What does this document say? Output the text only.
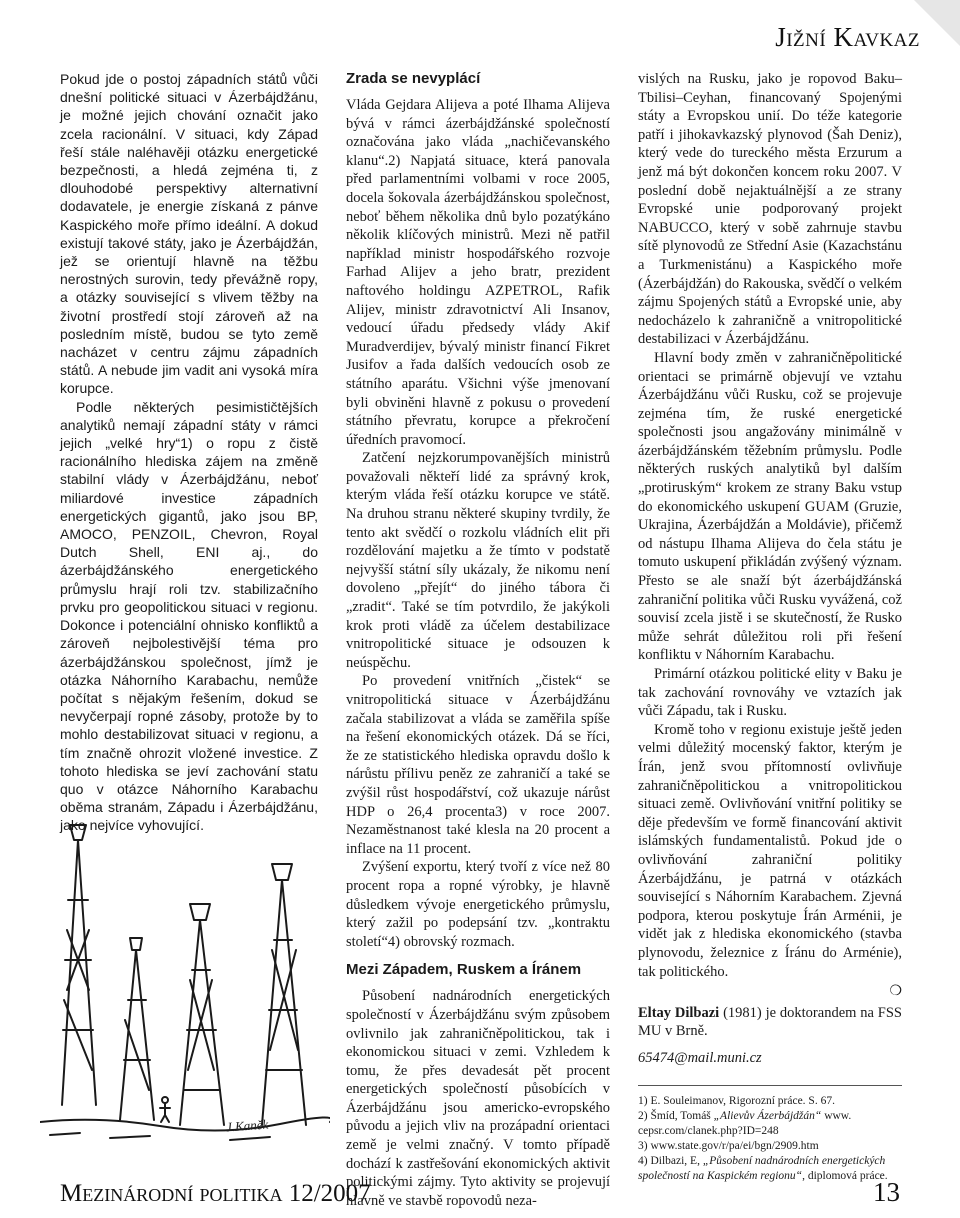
Jižní Kavkaz

Pokud jde o postoj západních států vůči dnešní politické situaci v Ázerbájdžánu, je možné jejich chování označit jako zcela racionální. V situaci, kdy Západ řeší stále naléhavěji otázku energetické bezpečnosti, a hledá zejména ti, z dlouhodobé perspektivy alternativní dodavatele, je energie získaná z pánve Kaspického moře přímo ideální. A dokud existují takové státy, jako je Ázerbájdžán, jež se orientují hlavně na těžbu nerostných surovin, tedy převážně ropy, a otázky související s vlivem těžby na životní prostředí stojí zároveň až na posledním místě, budou se tyto země nacházet v centru zájmu západních států. A nebude jim vadit ani vysoká míra korupce.

Podle některých pesimističtějších analytiků nemají západní státy v rámci jejich „velké hry“1) o ropu z čistě racionálního hlediska zájem na změně stabilní vlády v Ázerbájdžánu, neboť miliardové investice západních energetických gigantů, jako jsou BP, AMOCO, PENZOIL, Chevron, Royal Dutch Shell, ENI aj., do ázerbájdžánského energetického průmyslu hrají roli tzv. stabilizačního prvku pro geopolitickou situaci v regionu. Dokonce i potenciální ohnisko konfliktů a zároveň nejbolestivější téma pro ázerbájdžánskou společnost, jímž je otázka Náhorního Karabachu, nemůže počítat s nějakým řešením, dokud se nevyčerpají ropné zásoby, protože by to mohlo destabilizovat situaci v regionu, a tím značně ohrozit vložené investice. Z tohoto hlediska se jeví zachování statu quo v otázce Náhorního Karabachu oběma stranám, Západu i Ázerbájdžánu, jako nejvíce vyhovující.

J.Kaněk
Zrada se nevyplácí

Vláda Gejdara Alijeva a poté Ilhama Alijeva bývá v rámci ázerbájdžánské společností označována jako vláda „nachičevanského klanu“.2) Napjatá situace, která panovala před parlamentními volbami v roce 2005, docela šokovala ázerbájdžánskou společnost, neboť během několika dnů bylo pozatýkáno několik klíčových ministrů. Mezi ně patřil například ministr hospodářského rozvoje Farhad Alijev a jeho bratr, prezident naftového holdingu AZPETROL, Rafik Alijev, ministr zdravotnictví Ali Insanov, vedoucí úřadu předsedy vlády Akif Muradverdijev, bývalý ministr financí Fikret Jusifov a řada dalších vedoucích osob ze státního aparátu. Všichni výše jmenovaní byli obviněni hlavně z pokusu o provedení státního převratu, korupce a překročení úředních pravomocí.

Zatčení nejzkorumpovanějších ministrů považovali někteří lidé za správný krok, kterým vláda řeší otázku korupce ve státě. Na druhou stranu některé skupiny tvrdily, že tento akt svědčí o rozkolu vládních elit při rozdělování majetku a že tímto v podstatě nejvyšší státní síly ukázaly, že nikomu není dovoleno „přejít“ do jiného tábora či „zradit“. Také se tím potvrdilo, že jakýkoli krok proti vládě za účelem destabilizace vnitropolitické situace je odsouzen k neúspěchu.

Po provedení vnitřních „čistek“ se vnitropolitická situace v Ázerbájdžánu začala stabilizovat a vláda se zaměřila spíše na řešení ekonomických otázek. Dá se říci, že ze statistického hlediska opravdu došlo k nárůstu přílivu peněz ze zahraničí a také se zvýšil růst hospodářství, což ukazuje nárůst HDP o 26,4 procenta3) v roce 2007. Nezaměstnanost také klesla na 20 procent a inflace na 11 procent.

Zvýšení exportu, který tvoří z více než 80 procent ropa a ropné výrobky, je hlavně důsledkem vývoje energetického průmyslu, který zažil po podepsání tzv. „kontraktu století“4) obrovský rozmach.

Mezi Západem, Ruskem a Íránem

Působení nadnárodních energetických společností v Ázerbájdžánu svým způsobem ovlivnilo jak zahraničněpolitickou, tak i ekonomickou situaci v zemi. Vzhledem k tomu, že přes devadesát pět procent energetických společností působících v Ázerbájdžánu jsou americko-evropského původu a jejich vliv na prozápadní orientaci země je velmi značný. V tomto případě dochází k zastřešování ekonomických aktivit politickými zájmy. Tyto aktivity se projevují hlavně ve stavbě ropovodů neza-

vislých na Rusku, jako je ropovod Baku–Tbilisi–Ceyhan, financovaný Spojenými státy a Evropskou unií. Do téže kategorie patří i jihokavkazský plynovod (Šah Deniz), který vede do tureckého města Erzurum a jenž má být dokončen koncem roku 2007. V poslední době nejaktuálnější a ze strany Evropské unie podporovaný projekt NABUCCO, který v sobě zahrnuje stavbu sítě plynovodů ze Střední Asie (Kazachstánu a Turkmenistánu) a Kaspického moře (Ázerbájdžán) do Rakouska, svědčí o velkém zájmu Spojených států a Evropské unie, aby nedocházelo k zahraničně a vnitropolitické destabilizaci v Ázerbájdžánu.

Hlavní body změn v zahraničněpolitické orientaci se primárně objevují ve vztahu Ázerbájdžánu vůči Rusku, což se projevuje zejména tím, že ruské energetické společnosti jsou angažovány minimálně v ázerbájdžánském těžebním průmyslu. Podle některých ruských analytiků byl dalším „protiruským“ krokem ze strany Baku vstup do ekonomického uskupení GUAM (Gruzie, Ukrajina, Ázerbájdžán a Moldávie), přičemž od nástupu Ilhama Alijeva do čela státu je tomuto uskupení přikládán zvýšený význam. Přesto se ale snaží být ázerbájdžánská zahraniční politika vůči Rusku vyvážená, což souvisí zcela jistě i se skutečností, že Rusko může sehrát důležitou roli při řešení konfliktu v Náhorním Karabachu.

Primární otázkou politické elity v Baku je tak zachování rovnováhy ve vztazích jak vůči Západu, tak i Rusku.

Kromě toho v regionu existuje ještě jeden velmi důležitý mocenský faktor, kterým je Írán, jenž svou přítomností ovlivňuje zahraničněpolitickou a vnitropolitickou situaci země. Ovlivňování vnitřní politiky se děje především ve formě financování aktivit islámských fundamentalistů. Pokud jde o ovlivňování zahraniční politiky Ázerbájdžánu, je patrná v otázkách související s Náhorním Karabachem. Zjevná podpora, kterou poskytuje Írán Arménii, je vidět jak z hlediska ekonomického (stavba plynovodu, železnice z Íránu do Arménie), tak politického.

❍

Eltay Dilbazi (1981) je doktorandem na FSS MU v Brně.

65474@mail.muni.cz

1) E. Souleimanov, Rigorozní práce. S. 67.
2) Šmíd, Tomáš „Alievův Ázerbájdžán“ www. cepsr.com/clanek.php?ID=248
3) www.state.gov/r/pa/ei/bgn/2909.htm
4) Dilbazi, E, „Působení nadnárodních energetických společností na Kaspickém regionu“, diplomová práce.
Mezinárodní politika 12/2007	13
